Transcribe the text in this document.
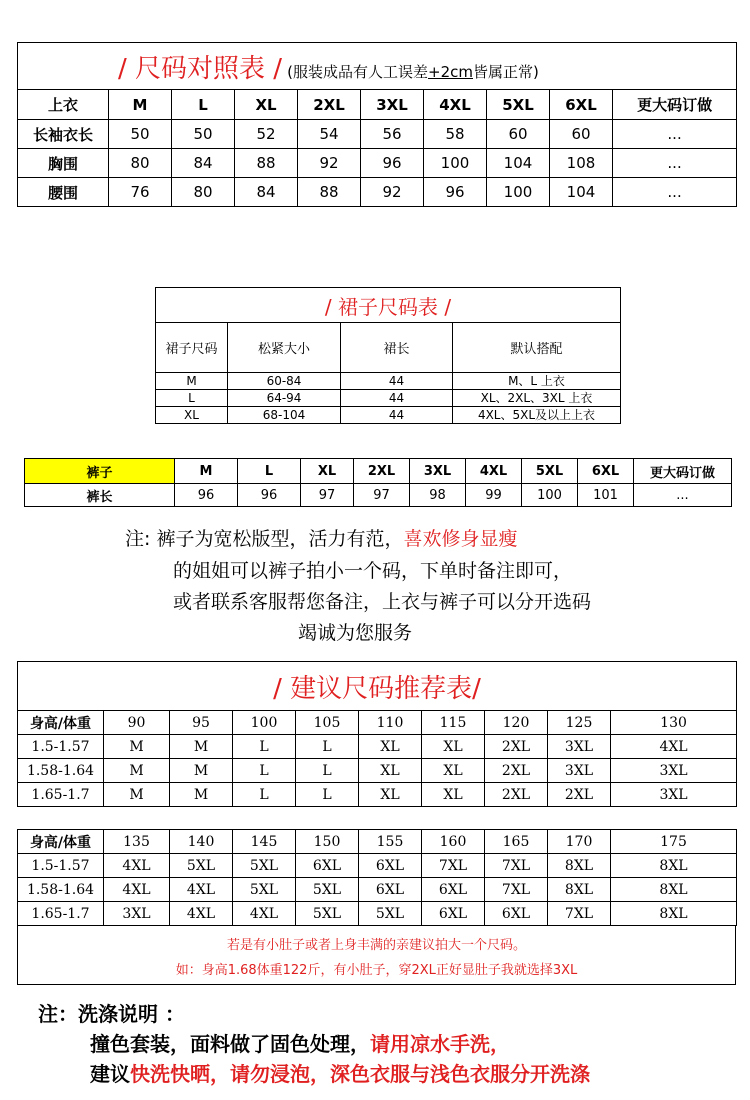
/ 尺码对照表 / (服装成品有人工误差+2cm皆属正常)									
上衣	M	L	XL	2XL	3XL	4XL	5XL	6XL	更大码订做
长袖衣长	50	50	52	54	56	58	60	60	...
胸围	80	84	88	92	96	100	104	108	...
腰围	76	80	84	88	92	96	100	104	...
/ 裙子尺码表 /			
裙子尺码	松紧大小	裙长	默认搭配
M	60-84	44	M、L 上衣
L	64-94	44	XL、2XL、3XL 上衣
XL	68-104	44	4XL、5XL及以上上衣
裤子	M	L	XL	2XL	3XL	4XL	5XL	6XL	更大码订做
裤长	96	96	97	97	98	99	100	101	...
注: 裤子为宽松版型，活力有范，喜欢修身显瘦
的姐姐可以裤子拍小一个码，下单时备注即可，
或者联系客服帮您备注，上衣与裤子可以分开选码
竭诚为您服务
/ 建议尺码推荐表/									
身高/体重	90	95	100	105	110	115	120	125	130
1.5-1.57	M	M	L	L	XL	XL	2XL	3XL	4XL
1.58-1.64	M	M	L	L	XL	XL	2XL	3XL	3XL
1.65-1.7	M	M	L	L	XL	XL	2XL	2XL	3XL
身高/体重	135	140	145	150	155	160	165	170	175
1.5-1.57	4XL	5XL	5XL	6XL	6XL	7XL	7XL	8XL	8XL
1.58-1.64	4XL	4XL	5XL	5XL	6XL	6XL	7XL	8XL	8XL
1.65-1.7	3XL	4XL	4XL	5XL	5XL	6XL	6XL	7XL	8XL
若是有小肚子或者上身丰满的亲建议拍大一个尺码。
如：身高1.68体重122斤，有小肚子，穿2XL正好显肚子我就选择3XL
注：洗涤说明 ：
撞色套装，面料做了固色处理，请用凉水手洗，
建议快洗快晒，请勿浸泡，深色衣服与浅色衣服分开洗涤
